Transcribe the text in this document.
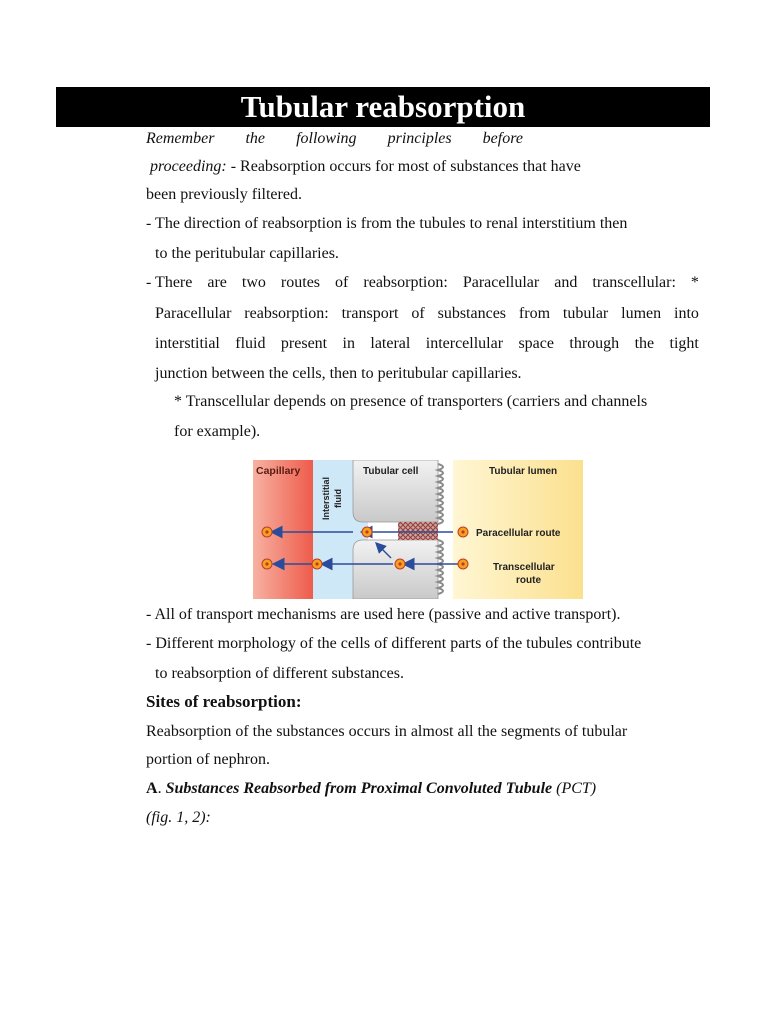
Tubular reabsorption
Remember the following principles before
proceeding: - Reabsorption occurs for most of substances that have
been previously filtered.
- The direction of reabsorption is from the tubules to renal interstitium then
to the peritubular capillaries.
- There are two routes of reabsorption: Paracellular and transcellular: *
Paracellular reabsorption: transport of substances from tubular lumen into
interstitial fluid present in lateral intercellular space through the tight
junction between the cells, then to peritubular capillaries.
* Transcellular depends on presence of transporters (carriers and channels
for example).
Capillary
Interstitial fluid
Tubular cell	Tubular lumen
Paracellular route
Transcellular
route
- All of transport mechanisms are used here (passive and active transport).
- Different morphology of the cells of different parts of the tubules contribute
to reabsorption of different substances.
Sites of reabsorption:
Reabsorption of the substances occurs in almost all the segments of tubular
portion of nephron.
A. Substances Reabsorbed from Proximal Convoluted Tubule (PCT)
(fig. 1, 2):
